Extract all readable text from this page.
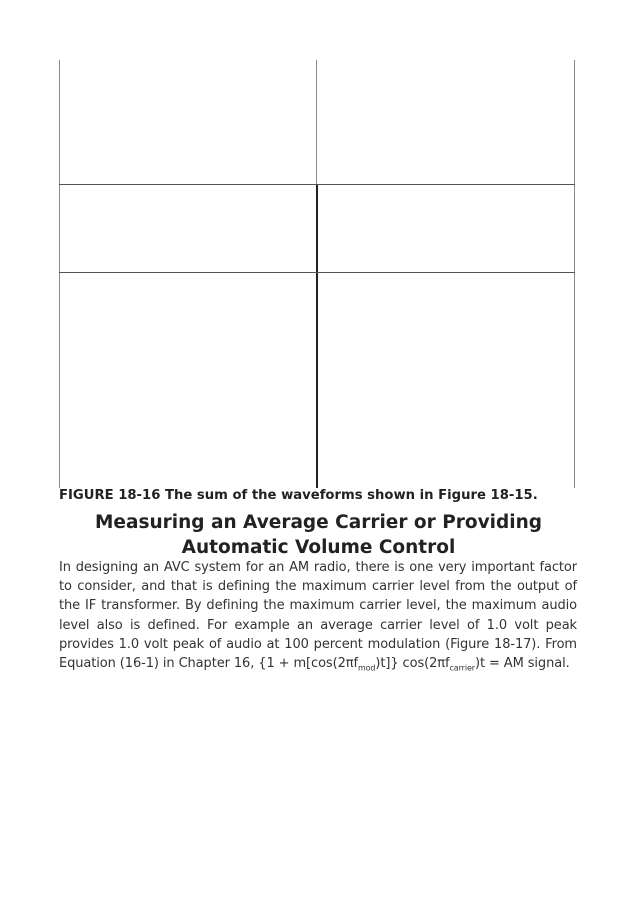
FIGURE 18-16 The sum of the waveforms shown in Figure 18-15.
Measuring an Average Carrier or Providing Automatic Volume Control
In designing an AVC system for an AM radio, there is one very important factor to consider, and that is defining the maximum carrier level from the output of the IF transformer. By defining the maximum carrier level, the maximum audio level also is defined. For example an average carrier level of 1.0 volt peak provides 1.0 volt peak of audio at 100 percent modulation (Figure 18-17). From Equation (16-1) in Chapter 16, $\{1 + m[\cos(2\pi f_{mod})t]\}$ $\cos(2\pi f_{carrier})t$ = AM signal.
